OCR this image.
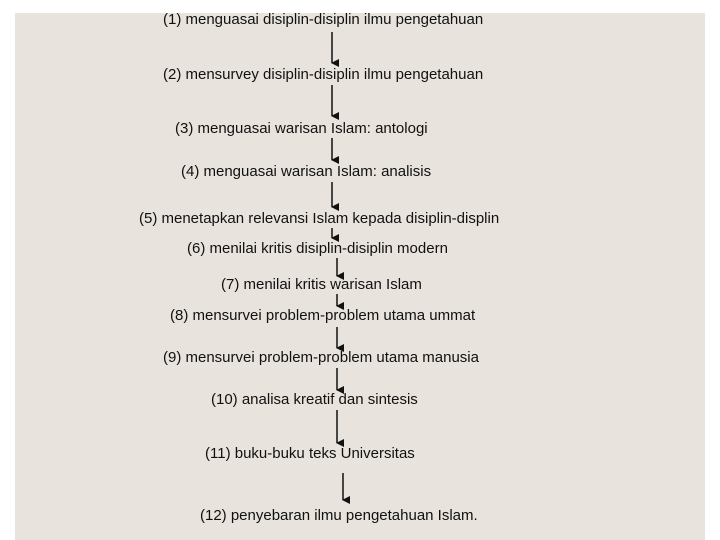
(1) menguasai disiplin-disiplin ilmu pengetahuan
(2) mensurvey disiplin-disiplin ilmu pengetahuan
(3) menguasai warisan Islam: antologi
(4) menguasai warisan Islam: analisis
(5) menetapkan relevansi Islam kepada disiplin-displin
(6) menilai kritis disiplin-disiplin modern
(7) menilai kritis warisan Islam
(8) mensurvei problem-problem utama ummat
(9) mensurvei problem-problem utama manusia
(10) analisa kreatif dan sintesis
(11) buku-buku teks Universitas
(12) penyebaran ilmu pengetahuan Islam.
